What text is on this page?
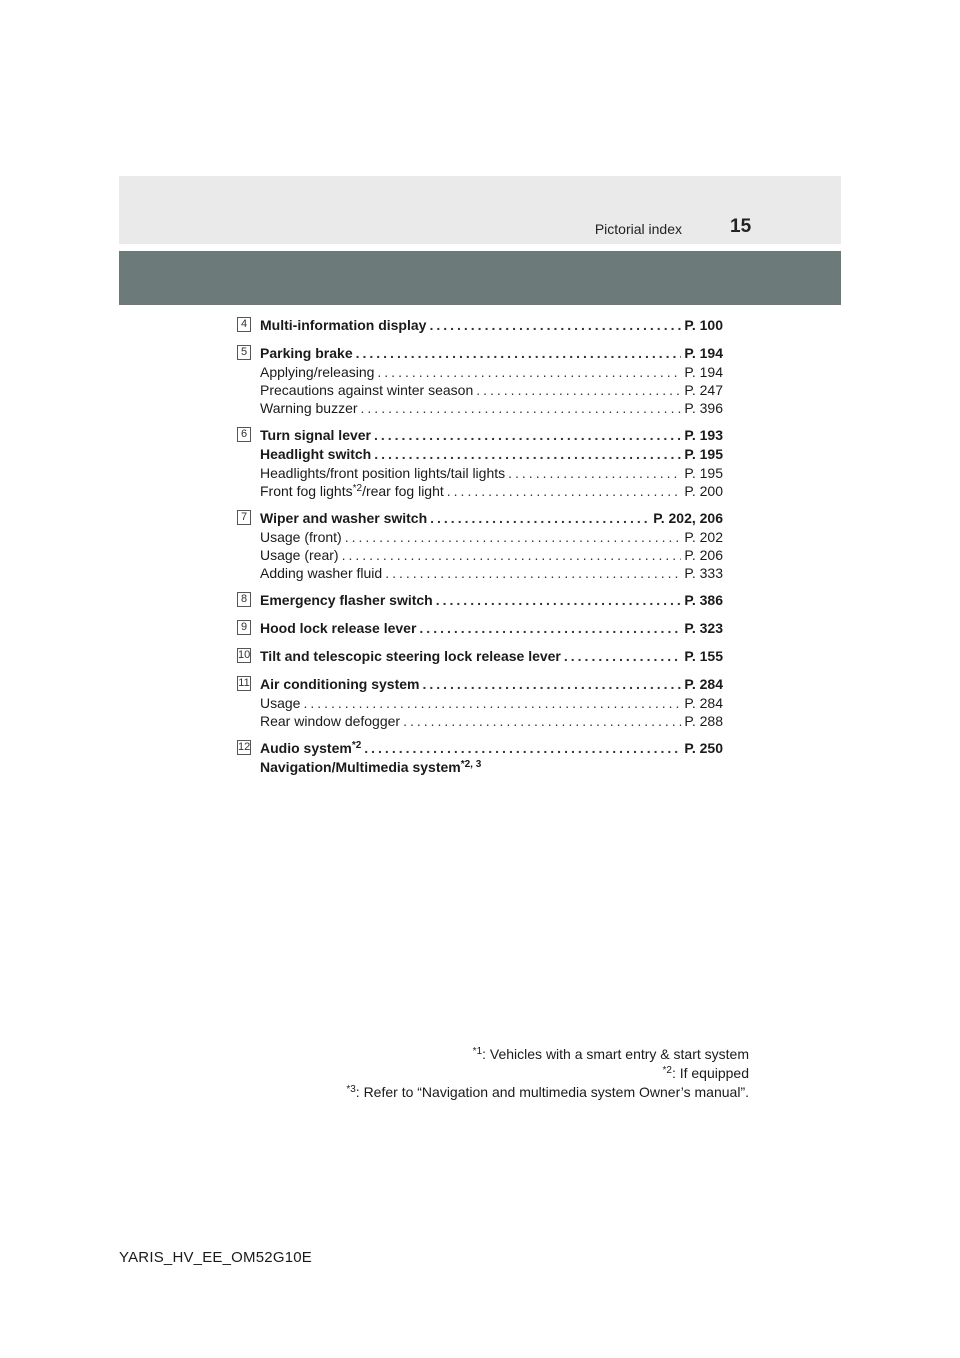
Pictorial index	15
4 Multi-information display .....	P. 100
5 Parking brake .....	P. 194
Applying/releasing .....	P. 194
Precautions against winter season .....	P. 247
Warning buzzer .....	P. 396
6 Turn signal lever .....	P. 193
Headlight switch .....	P. 195
Headlights/front position lights/tail lights .....	P. 195
Front fog lights$^{*2}$/rear fog light .....	P. 200
7 Wiper and washer switch .....	P. 202, 206
Usage (front) .....	P. 202
Usage (rear) .....	P. 206
Adding washer fluid .....	P. 333
8 Emergency flasher switch .....	P. 386
9 Hood lock release lever .....	P. 323
10 Tilt and telescopic steering lock release lever .....	P. 155
11 Air conditioning system .....	P. 284
Usage .....	P. 284
Rear window defogger .....	P. 288
12 Audio system$^{*2}$ .....	P. 250
Navigation/Multimedia system$^{*2, 3}$
$^{*1}$: Vehicles with a smart entry & start system
$^{*2}$: If equipped
$^{*3}$: Refer to “Navigation and multimedia system Owner’s manual”.
YARIS_HV_EE_OM52G10E
